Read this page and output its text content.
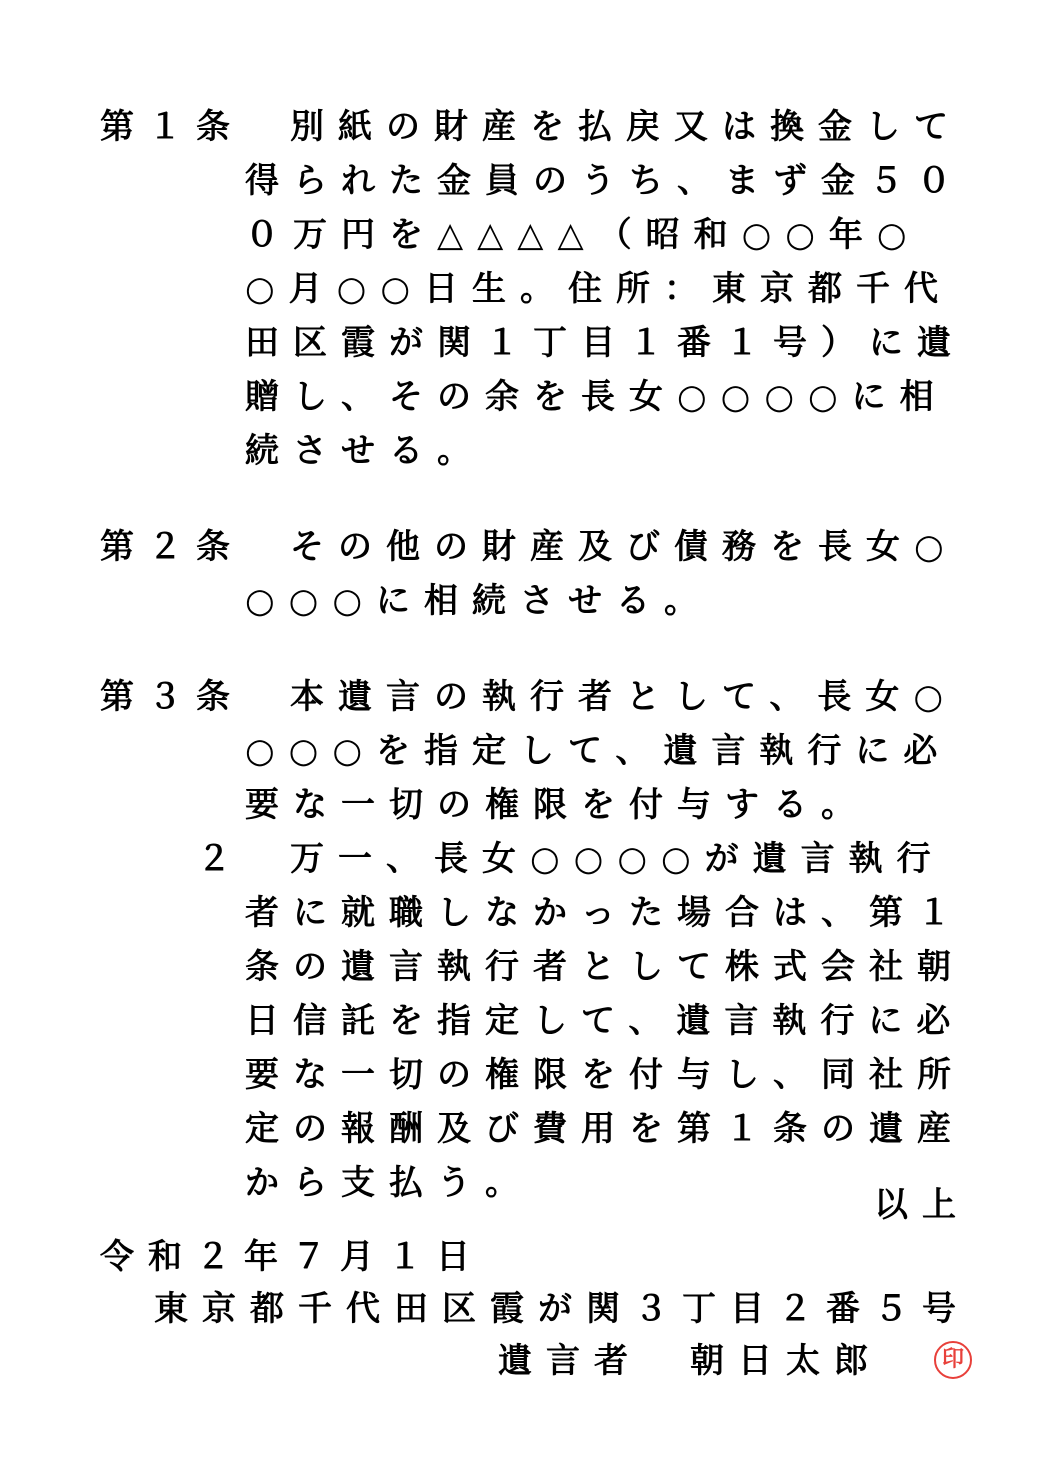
第１条 別紙の財産を払戻又は換金して

得られた金員のうち、まず金５０

０万円を△△△△（昭和○○年○

○月○○日生。住所：東京都千代

田区霞が関１丁目１番１号）に遺

贈し、その余を長女○○○○に相

続させる。

第２条 その他の財産及び債務を長女○

○○○に相続させる。

第３条 本遺言の執行者として、長女○

○○○を指定して、遺言執行に必

要な一切の権限を付与する。

２ 万一、長女○○○○が遺言執行

者に就職しなかった場合は、第１

条の遺言執行者として株式会社朝

日信託を指定して、遺言執行に必

要な一切の権限を付与し、同社所

定の報酬及び費用を第１条の遺産

から支払う。

以上

令和２年７月１日

東京都千代田区霞が関３丁目２番５号

遺言者 朝日太郎	印
